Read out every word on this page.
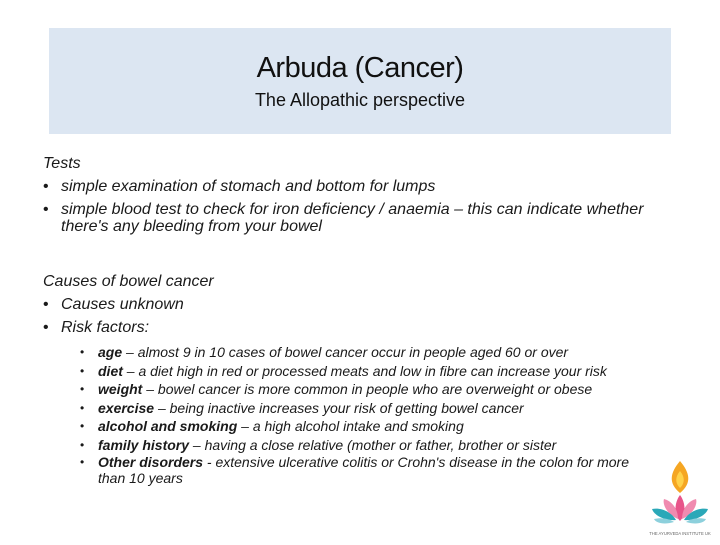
Arbuda (Cancer)
The Allopathic perspective
Tests
• simple examination of stomach and bottom for lumps
• simple blood test to check for iron deficiency / anaemia – this can indicate whether there's any bleeding from your bowel
Causes of bowel cancer
• Causes unknown
• Risk factors:
• age – almost 9 in 10 cases of bowel cancer occur in people aged 60 or over
• diet – a diet high in red or processed meats and low in fibre can increase your risk
• weight – bowel cancer is more common in people who are overweight or obese
• exercise – being inactive increases your risk of getting bowel cancer
• alcohol and smoking – a high alcohol intake and smoking
• family history – having a close relative (mother or father, brother or sister
• Other disorders - extensive ulcerative colitis or Crohn's disease in the colon for more than 10 years
THE AYURVEDA INSTITUTE UK
